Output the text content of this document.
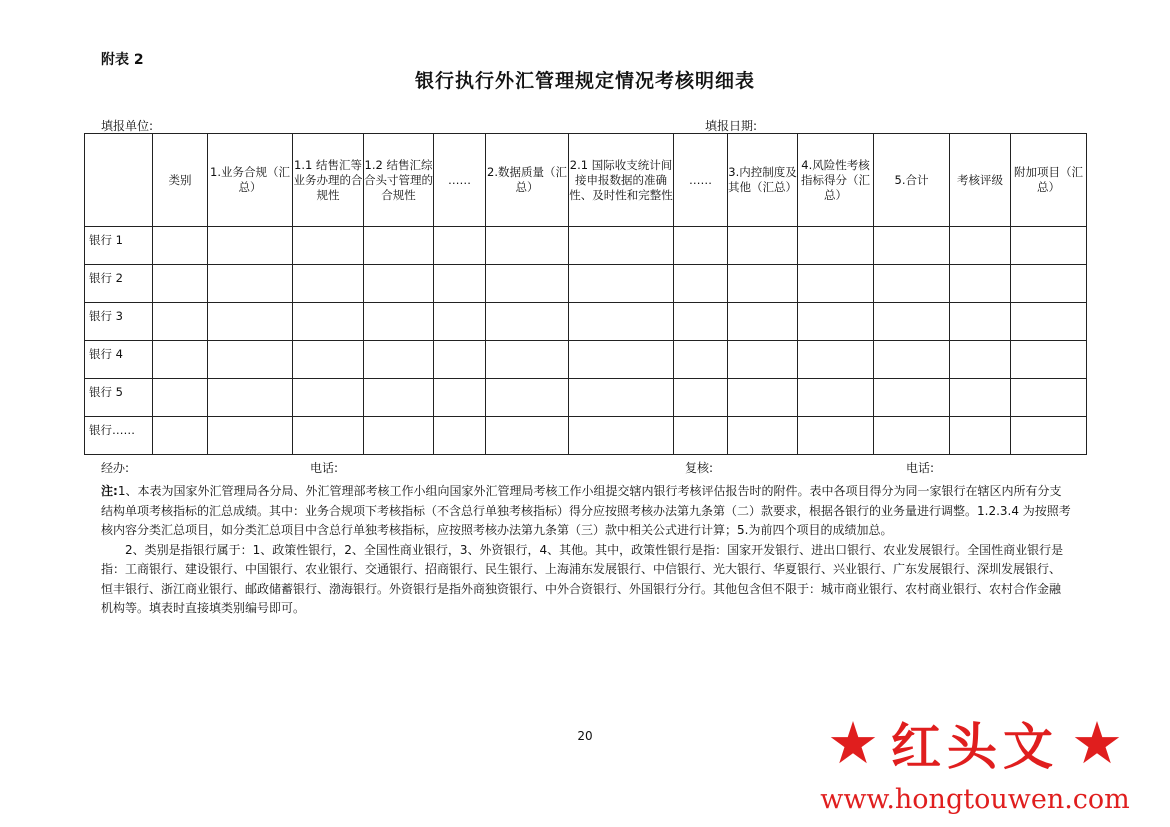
附表 2
银行执行外汇管理规定情况考核明细表
填报单位:	填报日期:
	类别	1.业务合规（汇总）	1.1 结售汇等业务办理的合规性	1.2 结售汇综合头寸管理的合规性	……	2.数据质量（汇总）	2.1 国际收支统计间接申报数据的准确性、及时性和完整性	……	3.内控制度及其他（汇总）	4.风险性考核指标得分（汇总）	5.合计	考核评级	附加项目（汇总）
银行 1													
银行 2													
银行 3													
银行 4													
银行 5													
银行……													
经办:	电话:	复核:	电话:

注:1、本表为国家外汇管理局各分局、外汇管理部考核工作小组向国家外汇管理局考核工作小组提交辖内银行考核评估报告时的附件。表中各项目得分为同一家银行在辖区内所有分支结构单项考核指标的汇总成绩。其中：业务合规项下考核指标（不含总行单独考核指标）得分应按照考核办法第九条第（二）款要求，根据各银行的业务量进行调整。1.2.3.4 为按照考核内容分类汇总项目，如分类汇总项目中含总行单独考核指标，应按照考核办法第九条第（三）款中相关公式进行计算；5.为前四个项目的成绩加总。

2、类别是指银行属于：1、政策性银行，2、全国性商业银行，3、外资银行，4、其他。其中，政策性银行是指：国家开发银行、进出口银行、农业发展银行。全国性商业银行是指：工商银行、建设银行、中国银行、农业银行、交通银行、招商银行、民生银行、上海浦东发展银行、中信银行、光大银行、华夏银行、兴业银行、广东发展银行、深圳发展银行、恒丰银行、浙江商业银行、邮政储蓄银行、渤海银行。外资银行是指外商独资银行、中外合资银行、外国银行分行。其他包含但不限于：城市商业银行、农村商业银行、农村合作金融机构等。填表时直接填类别编号即可。

20	★ 红头文 ★
www.hongtouwen.com
